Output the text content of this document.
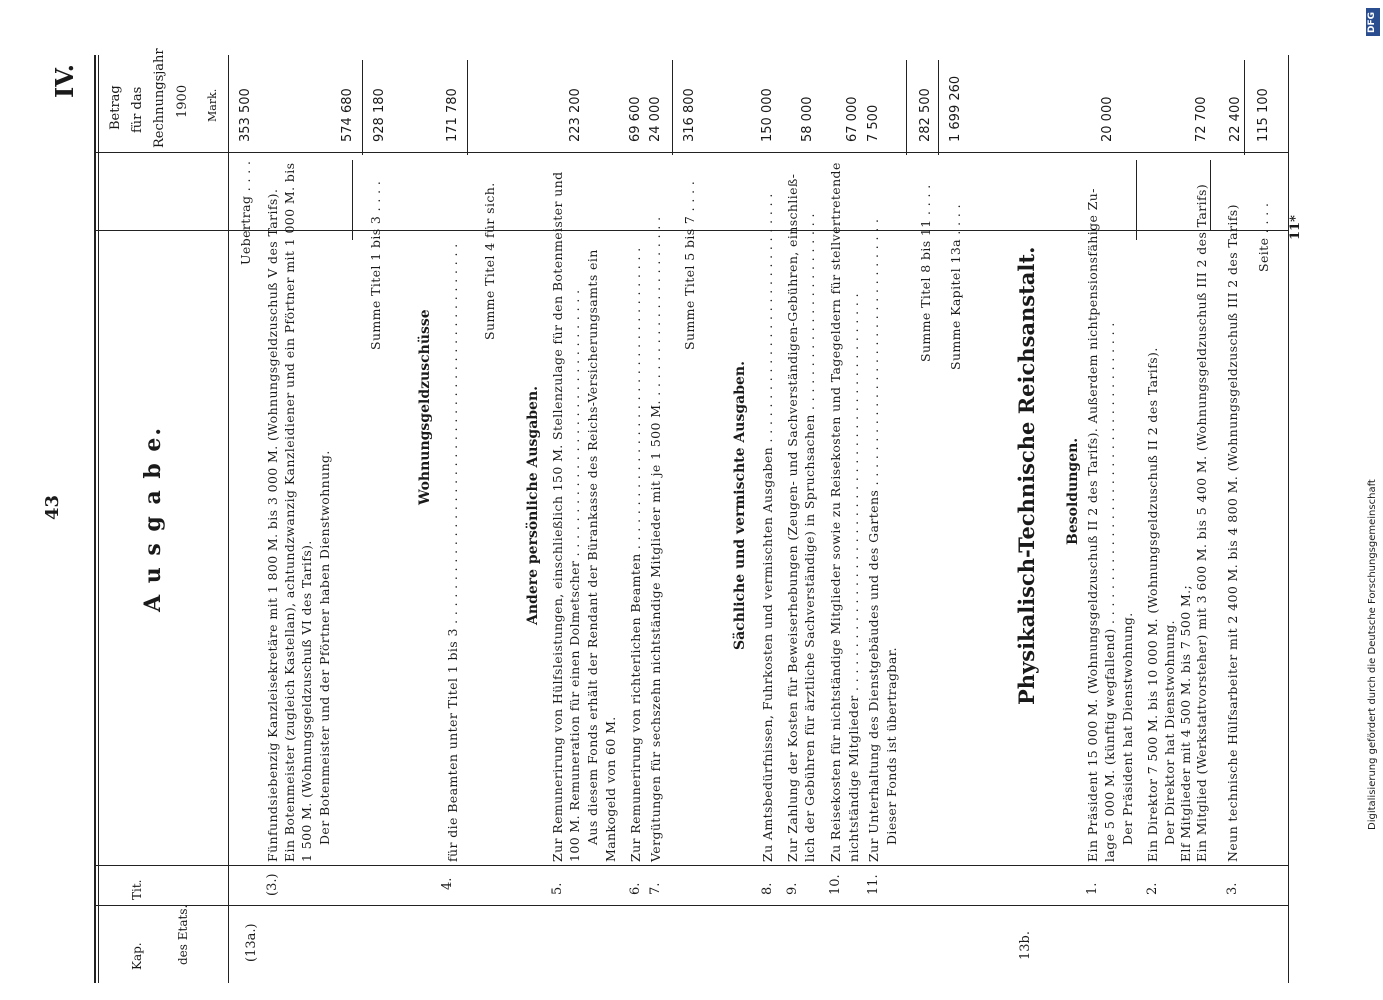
43
IV.
11*
Digitalisierung gefördert durch die Deutsche Forschungsgemeinschaft
DFG
Kap.
Tit.
des Etats.
Betrag für das Rechnungsjahr 1900 Mark.
A u s g a b e.
(13a.)
353 500
Uebertrag . . . .
(3.)
Fünfundsiebenzig Kanzleisekretäre mit 1 800 M. bis 3 000 M. (Wohnungsgeldzuschuß V des Tarifs). Ein Botenmeister (zugleich Kastellan), achtundzwanzig Kanzleidiener und ein Pförtner mit 1 000 M. bis 1 500 M. (Wohnungsgeldzuschuß VI des Tarifs). Der Botenmeister und der Pförtner haben Dienstwohnung.
574 680
Summe Titel 1 bis 3 . . . .
928 180
Wohnungsgeldzuschüsse
4.
für die Beamten unter Titel 1 bis 3 . . . . . . . . . . . . . . . . . . . . . . . . . . . . . . . . . . . . . . . . . . . .
171 780
Summe Titel 4 für sich.
Andere persönliche Ausgaben.
5.
Zur Remunerirung von Hülfsleistungen, einschließlich 150 M. Stellenzulage für den Botenmeister und 100 M. Remuneration für einen Dolmetscher . . . . . . . . . . . . . . . . . . . . . . . . . . . . . . . Aus diesem Fonds erhält der Rendant der Bürankasse des Reichs-Versicherungsamts ein Mankogeld von 60 M.
223 200
6.
Zur Remunerirung von richterlichen Beamten . . . . . . . . . . . . . . . . . . . . . . . . . . . . . . . . . . .
69 600
7.
Vergütungen für sechszehn nichtständige Mitglieder mit je 1 500 M. . . . . . . . . . . . . . . . . . . . . .
24 000
Summe Titel 5 bis 7 . . . .
316 800
Sächliche und vermischte Ausgaben.
8.
Zu Amtsbedürfnissen, Fuhrkosten und vermischten Ausgaben . . . . . . . . . . . . . . . . . . . . . . . . . . . . .
150 000
9.
Zur Zahlung der Kosten für Beweiserhebungen (Zeugen- und Sachverständigen-Gebühren, einschließ- lich der Gebühren für ärztliche Sachverständige) in Spruchsachen . . . . . . . . . . . . . . . . . . . . . . .
58 000
10.
Zu Reisekosten für nichtständige Mitglieder sowie zu Reisekosten und Tagegeldern für stellvertretende nichtständige Mitglieder . . . . . . . . . . . . . . . . . . . . . . . . . . . . . . . . . . . . . . . . . . . . . .
67 000
11.
Zur Unterhaltung des Dienstgebäudes und des Gartens . . . . . . . . . . . . . . . . . . . . . . . . . . . . . . . Dieser Fonds ist übertragbar.
7 500
Summe Titel 8 bis 11 . . . .
282 500
Summe Kapitel 13a . . . .
1 699 260
Physikalisch-Technische Reichsanstalt.
13b.
Besoldungen.
1.
Ein Präsident 15 000 M. (Wohnungsgeldzuschuß II 2 des Tarifs). Außerdem nichtpensionsfähige Zu- lage 5 000 M. (künftig wegfallend) . . . . . . . . . . . . . . . . . . . . . . . . . . . . . . . . . . . Der Präsident hat Dienstwohnung.
20 000
2.
Ein Direktor 7 500 M. bis 10 000 M. (Wohnungsgeldzuschuß II 2 des Tarifs). Der Direktor hat Dienstwohnung. Elf Mitglieder mit 4 500 M. bis 7 500 M.; Ein Mitglied (Werkstattvorsteher) mit 3 600 M. bis 5 400 M. (Wohnungsgeldzuschuß III 2 des Tarifs)
72 700
3.
Neun technische Hülfsarbeiter mit 2 400 M. bis 4 800 M. (Wohnungsgeldzuschuß III 2 des Tarifs)
22 400
Seite . . . .
115 100
